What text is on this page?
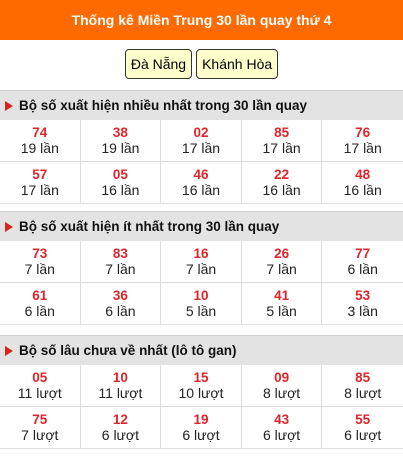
Thống kê Miền Trung 30 lần quay thứ 4
Đà Nẵng	Khánh Hòa
Bộ số xuất hiện nhiều nhất trong 30 lần quay
74
19 lần
38
19 lần
02
17 lần
85
17 lần
76
17 lần
57
17 lần
05
16 lần
46
16 lần
22
16 lần
48
16 lần
Bộ số xuất hiện ít nhất trong 30 lần quay
73
7 lần
83
7 lần
16
7 lần
26
7 lần
77
6 lần
61
6 lần
36
6 lần
10
5 lần
41
5 lần
53
3 lần
Bộ số lâu chưa về nhất (lô tô gan)
05
11 lượt
10
11 lượt
15
10 lượt
09
8 lượt
85
8 lượt
75
7 lượt
12
6 lượt
19
6 lượt
43
6 lượt
55
6 lượt
